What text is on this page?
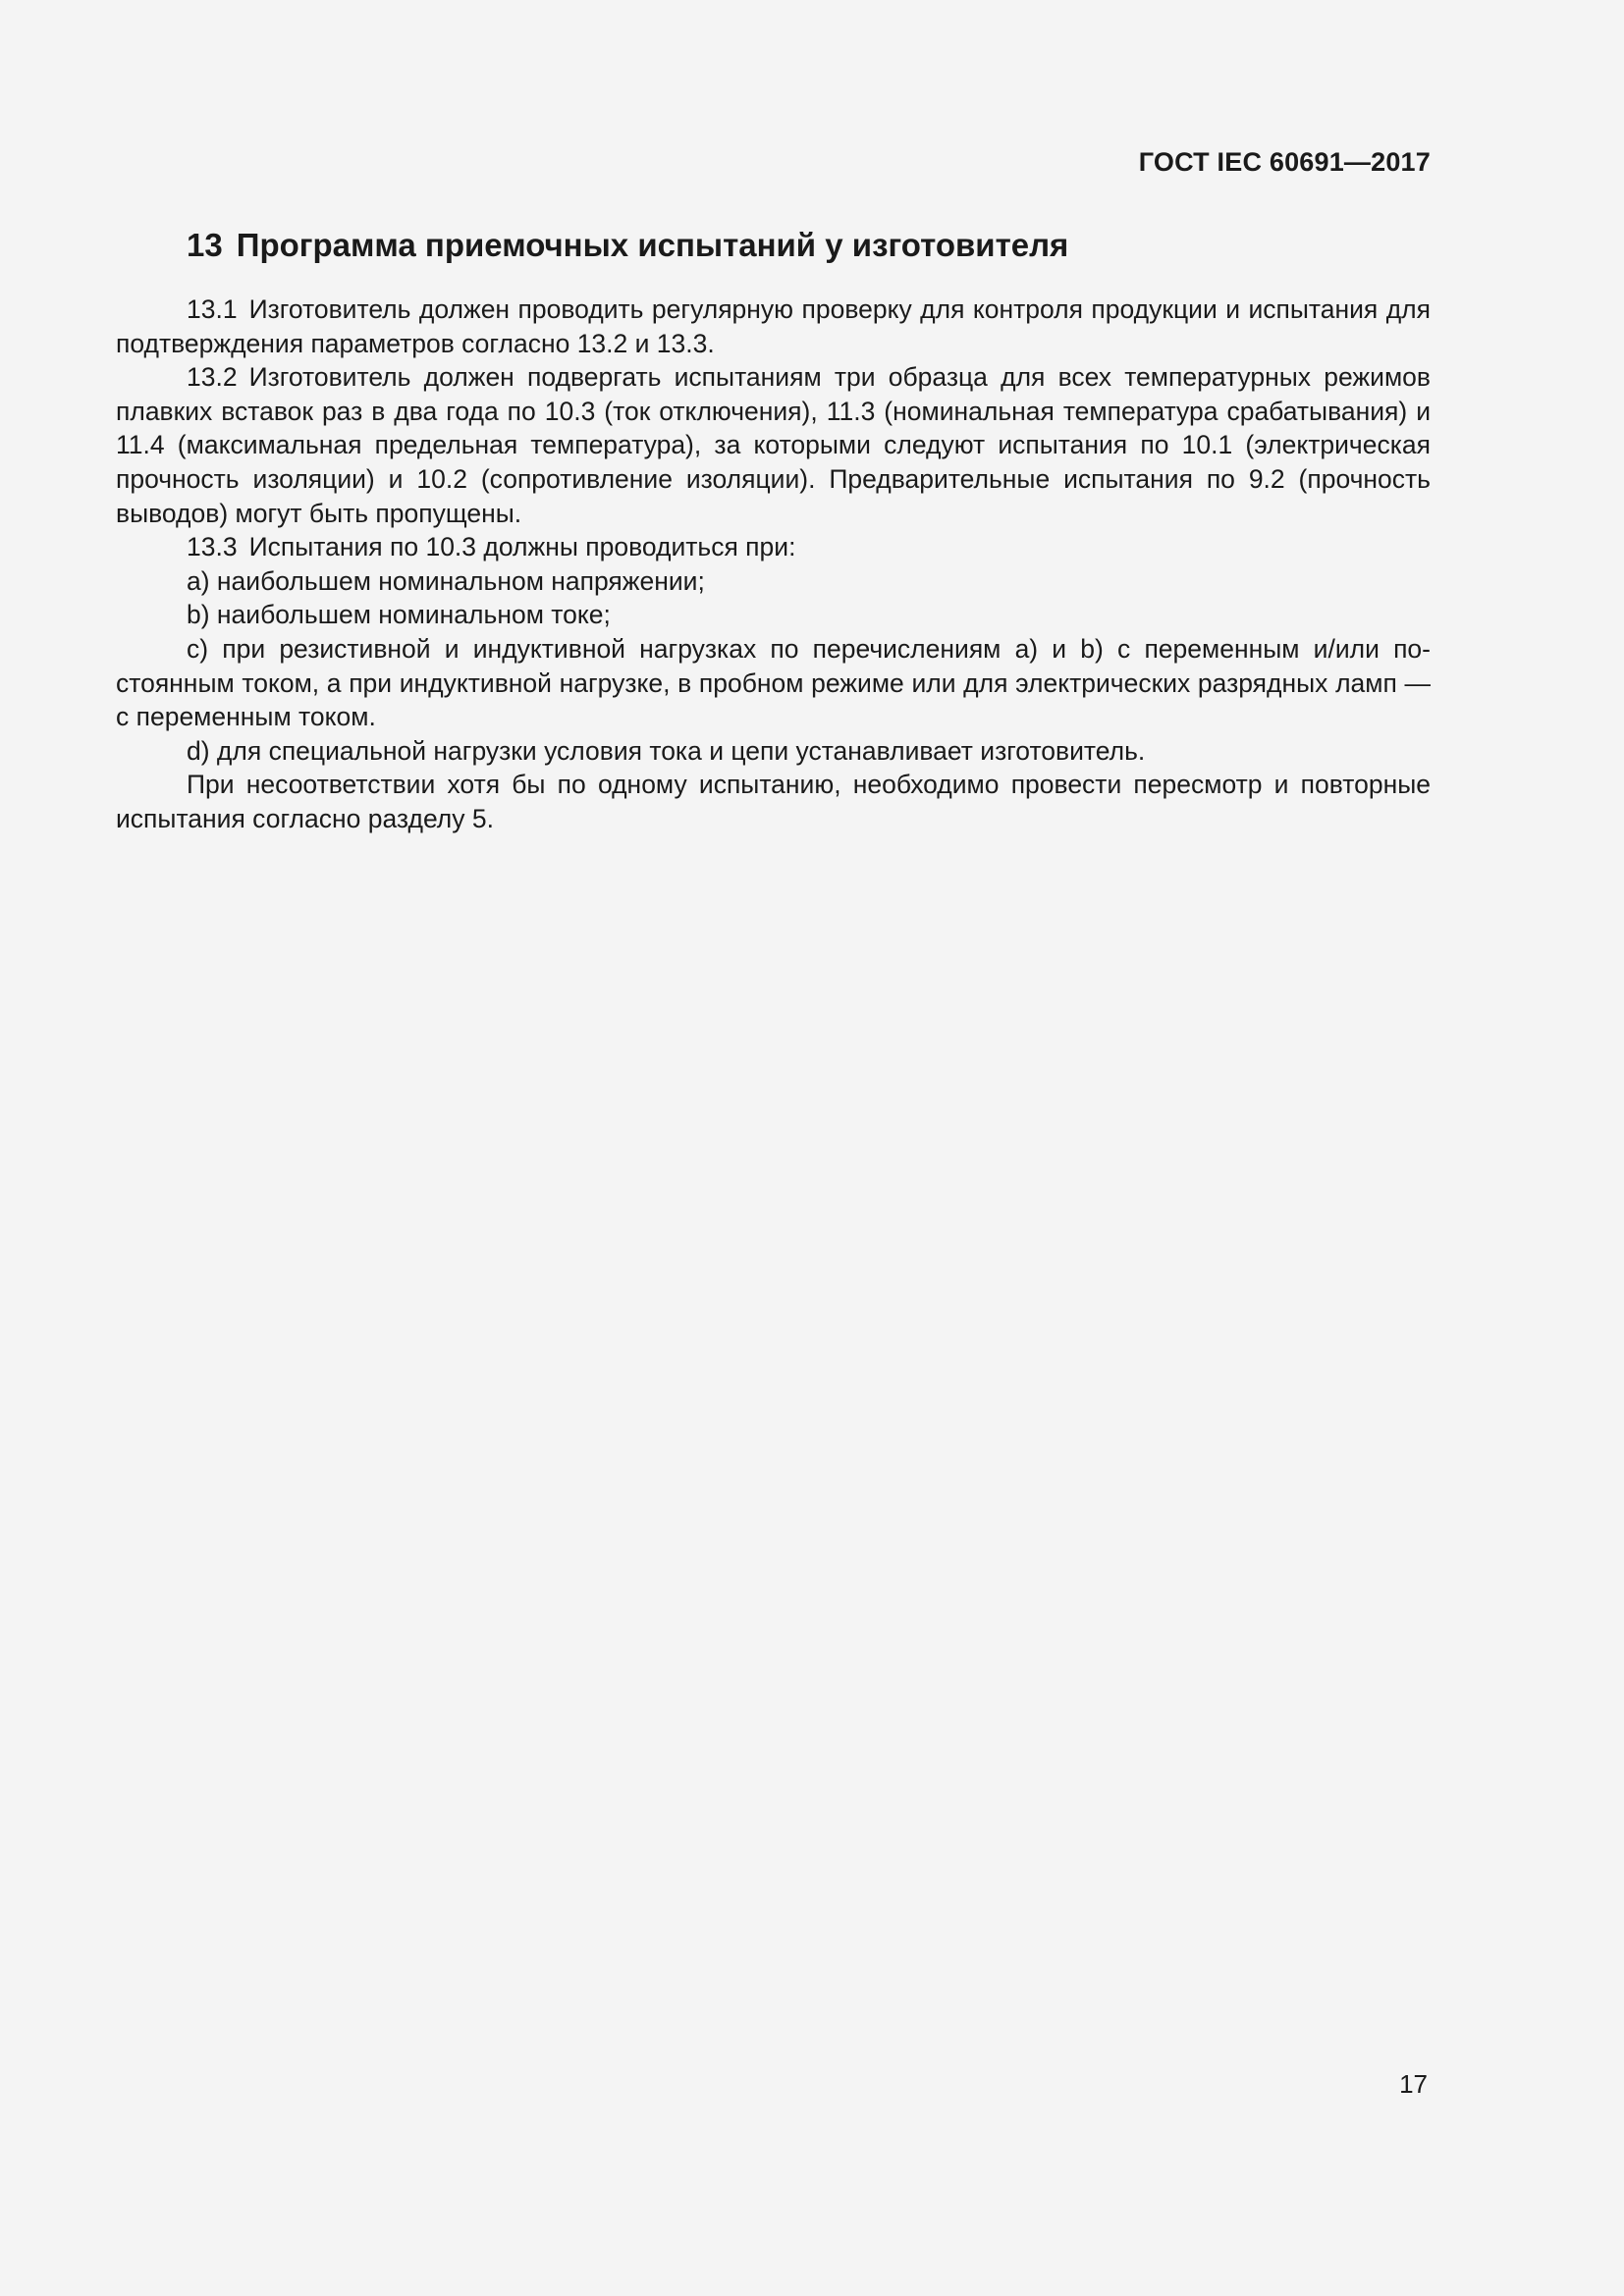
ГОСТ IEC 60691—2017
13 Программа приемочных испытаний у изготовителя

13.1 Изготовитель должен проводить регулярную проверку для контроля продукции и испытания для подтверждения параметров согласно 13.2 и 13.3.

13.2 Изготовитель должен подвергать испытаниям три образца для всех температурных режимов плавких вставок раз в два года по 10.3 (ток отключения), 11.3 (номинальная температура срабатывания) и 11.4 (максимальная предельная температура), за которыми следуют испытания по 10.1 (электрическая прочность изоляции) и 10.2 (сопротивление изоляции). Предварительные испытания по 9.2 (прочность выводов) могут быть пропущены.

13.3 Испытания по 10.3 должны проводиться при:

а) наибольшем номинальном напряжении;

b) наибольшем номинальном токе;

c) при резистивной и индуктивной нагрузках по перечислениям а) и b) с переменным и/или постоянным током, а при индуктивной нагрузке, в пробном режиме или для электрических разрядных ламп — с переменным током.

d) для специальной нагрузки условия тока и цепи устанавливает изготовитель.

При несоответствии хотя бы по одному испытанию, необходимо провести пересмотр и повторные испытания согласно разделу 5.

17
